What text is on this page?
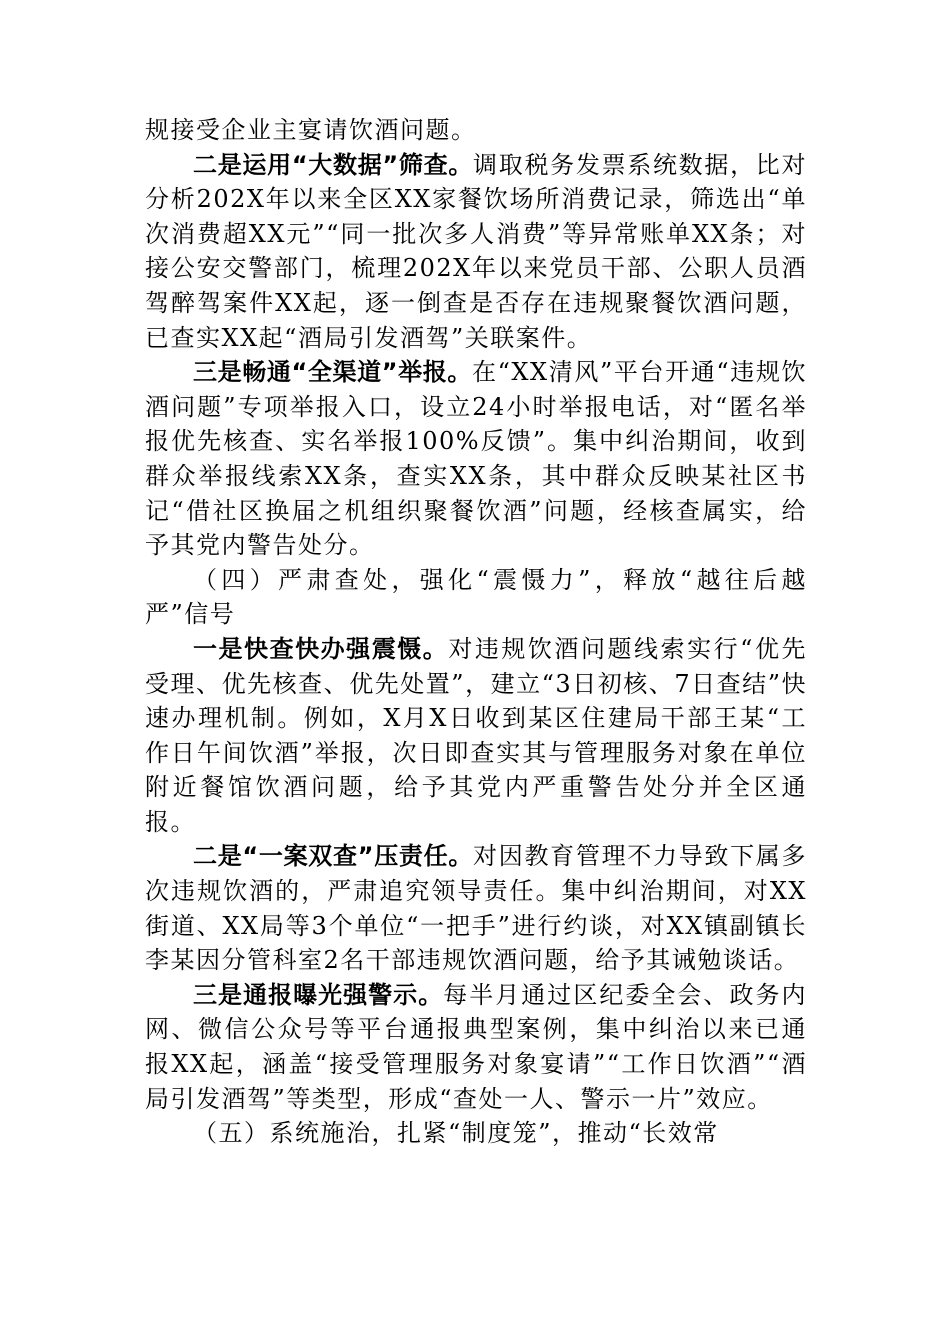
规接受企业主宴请饮酒问题。

二是运用“大数据”筛查。调取税务发票系统数据，比对分析202X年以来全区XX家餐饮场所消费记录，筛选出“单次消费超XX元”“同一批次多人消费”等异常账单XX条；对接公安交警部门，梳理202X年以来党员干部、公职人员酒驾醉驾案件XX起，逐一倒查是否存在违规聚餐饮酒问题，已查实XX起“酒局引发酒驾”关联案件。

三是畅通“全渠道”举报。在“XX清风”平台开通“违规饮酒问题”专项举报入口，设立24小时举报电话，对“匿名举报优先核查、实名举报100%反馈”。集中纠治期间，收到群众举报线索XX条，查实XX条，其中群众反映某社区书记“借社区换届之机组织聚餐饮酒”问题，经核查属实，给予其党内警告处分。

（四）严肃查处，强化“震慑力”，释放“越往后越严”信号

一是快查快办强震慑。对违规饮酒问题线索实行“优先受理、优先核查、优先处置”，建立“3日初核、7日查结”快速办理机制。例如，X月X日收到某区住建局干部王某“工作日午间饮酒”举报，次日即查实其与管理服务对象在单位附近餐馆饮酒问题，给予其党内严重警告处分并全区通报。

二是“一案双查”压责任。对因教育管理不力导致下属多次违规饮酒的，严肃追究领导责任。集中纠治期间，对XX街道、XX局等3个单位“一把手”进行约谈，对XX镇副镇长李某因分管科室2名干部违规饮酒问题，给予其诫勉谈话。

三是通报曝光强警示。每半月通过区纪委全会、政务内网、微信公众号等平台通报典型案例，集中纠治以来已通报XX起，涵盖“接受管理服务对象宴请”“工作日饮酒”“酒局引发酒驾”等类型，形成“查处一人、警示一片”效应。

（五）系统施治，扎紧“制度笼”，推动“长效常
